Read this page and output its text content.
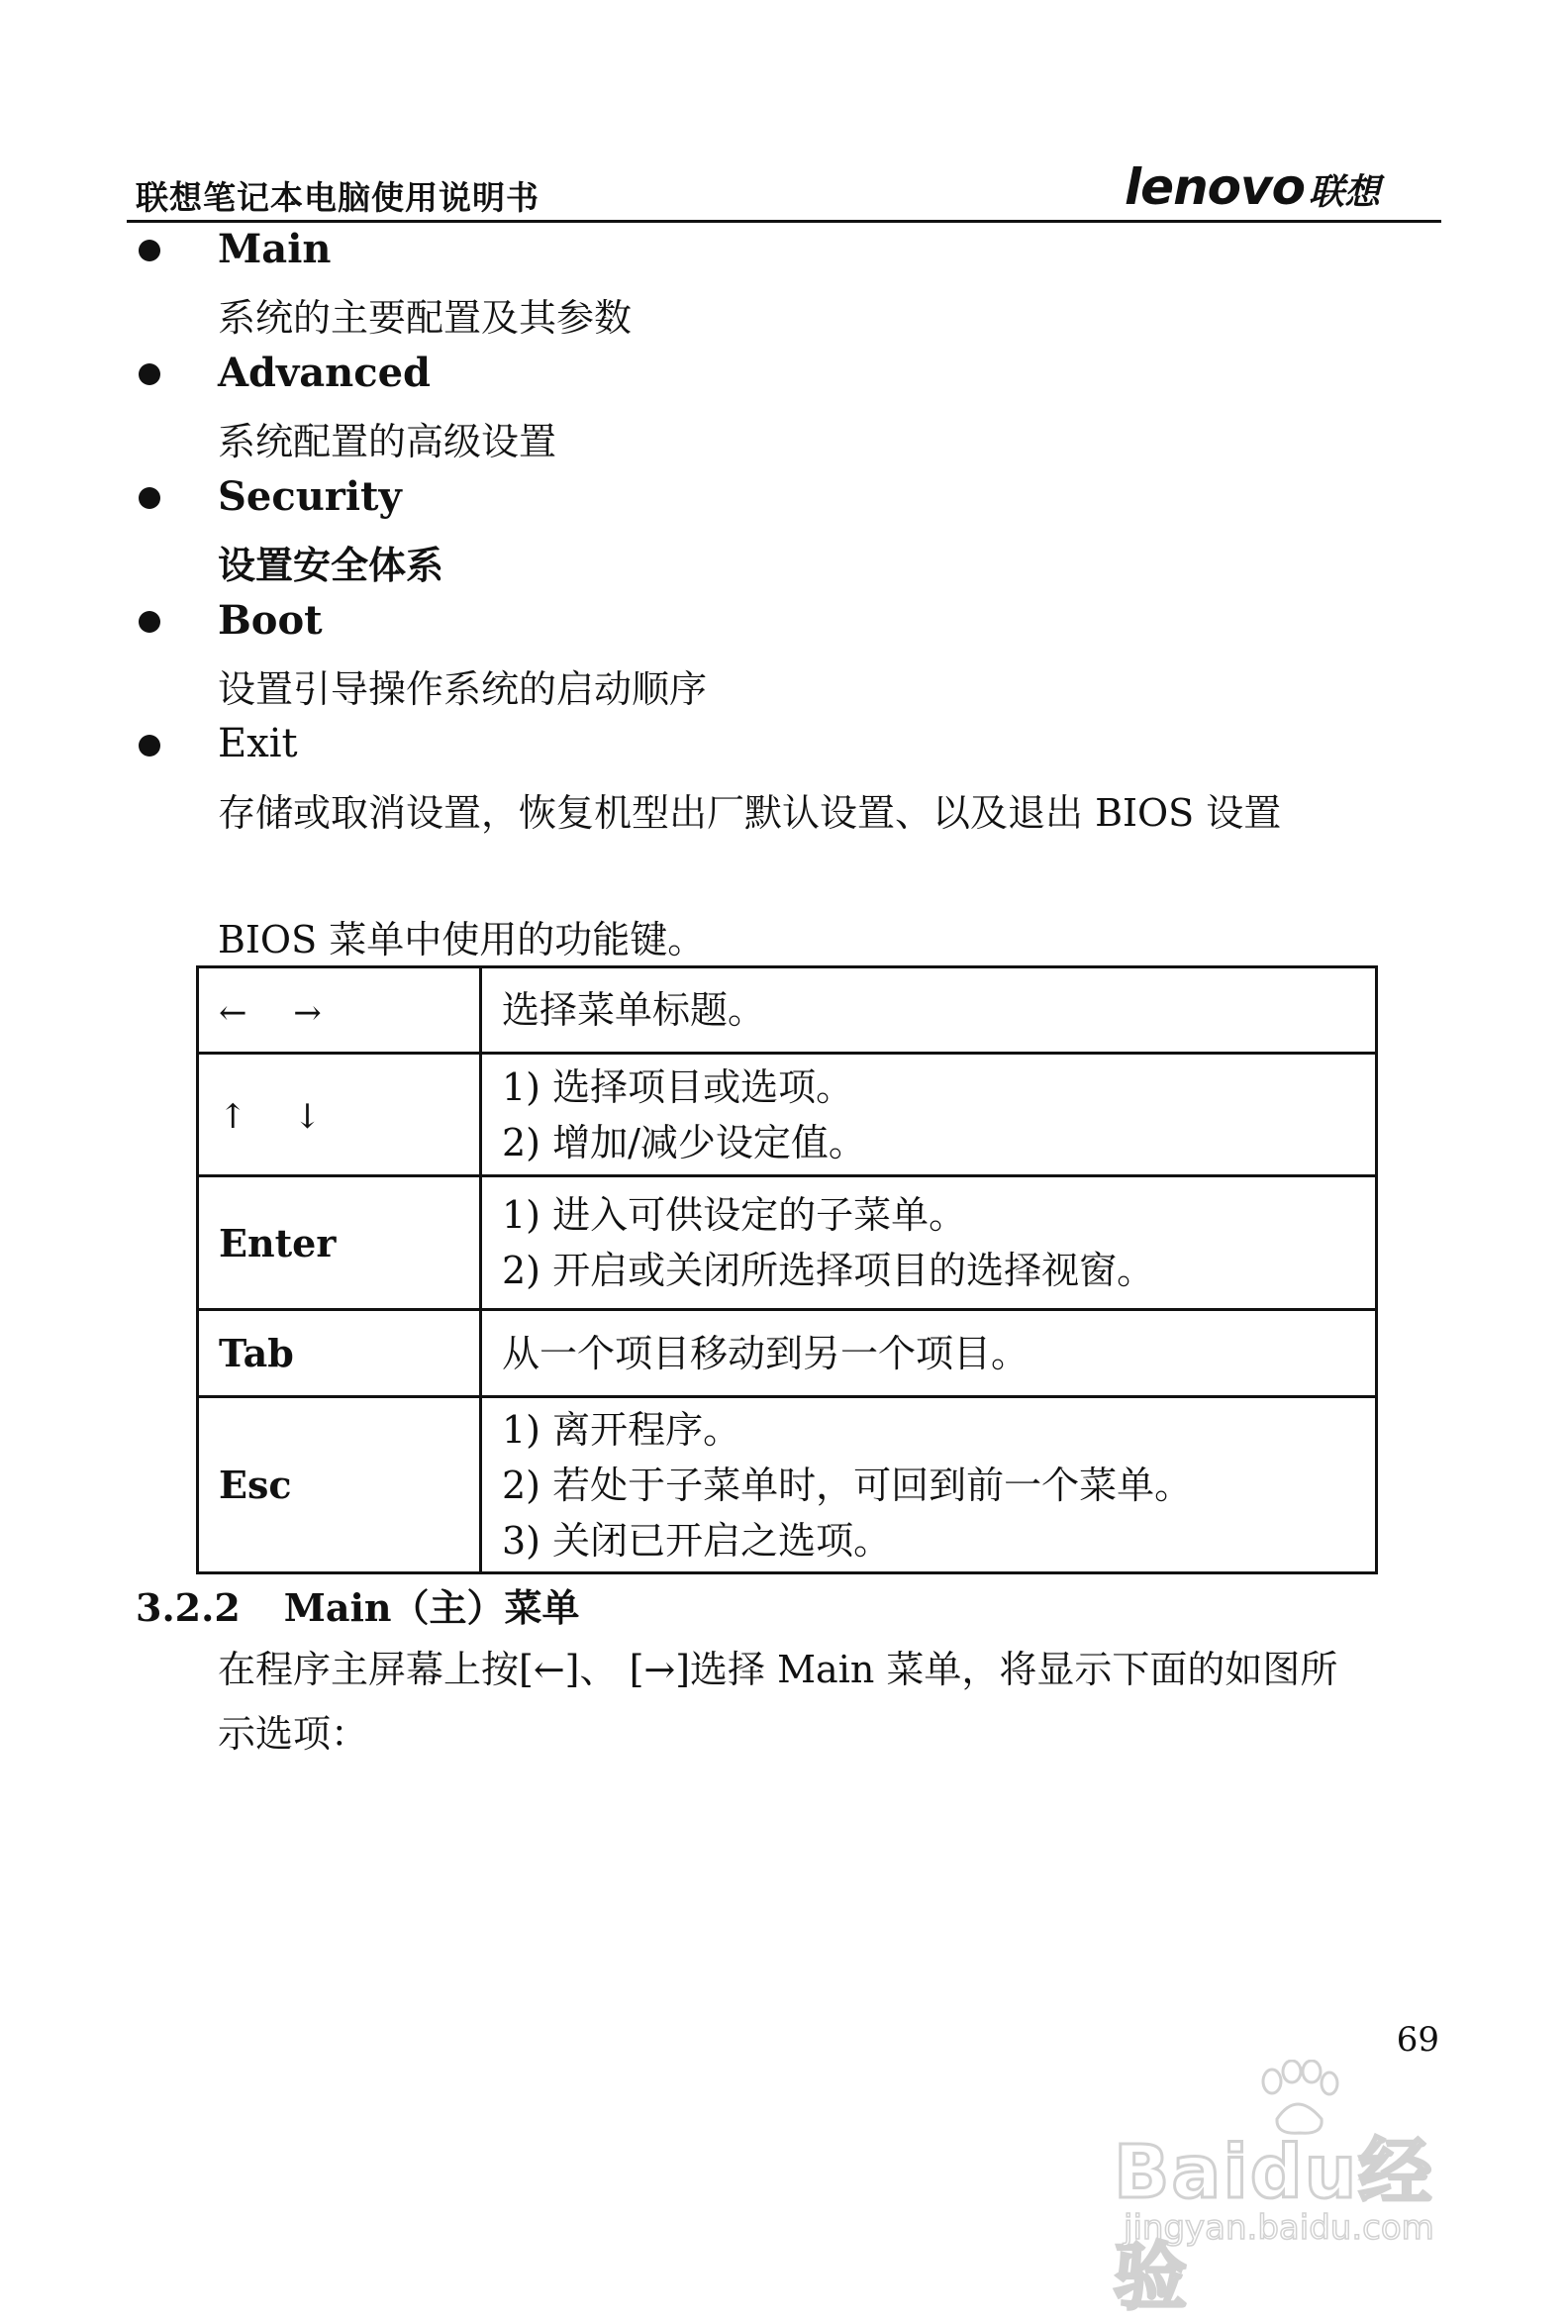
联想笔记本电脑使用说明书	lenovo 联想
Main
系统的主要配置及其参数
Advanced
系统配置的高级设置
Security
设置安全体系
Boot
设置引导操作系统的启动顺序
Exit
存储或取消设置，恢复机型出厂默认设置、以及退出 BIOS 设置
BIOS 菜单中使用的功能键。
← →	选择菜单标题。

↑ ↓	1) 选择项目或选项。
2) 增加/减少设定值。

Enter	1) 进入可供设定的子菜单。
2) 开启或关闭所选择项目的选择视窗。

Tab	从一个项目移动到另一个项目。

Esc	1) 离开程序。
2) 若处于子菜单时，可回到前一个菜单。
3) 关闭已开启之选项。
3.2.2 Main（主）菜单
在程序主屏幕上按[←]、 [→]选择 Main 菜单，将显示下面的如图所
示选项：
69
Baidu经验
jingyan.baidu.com
